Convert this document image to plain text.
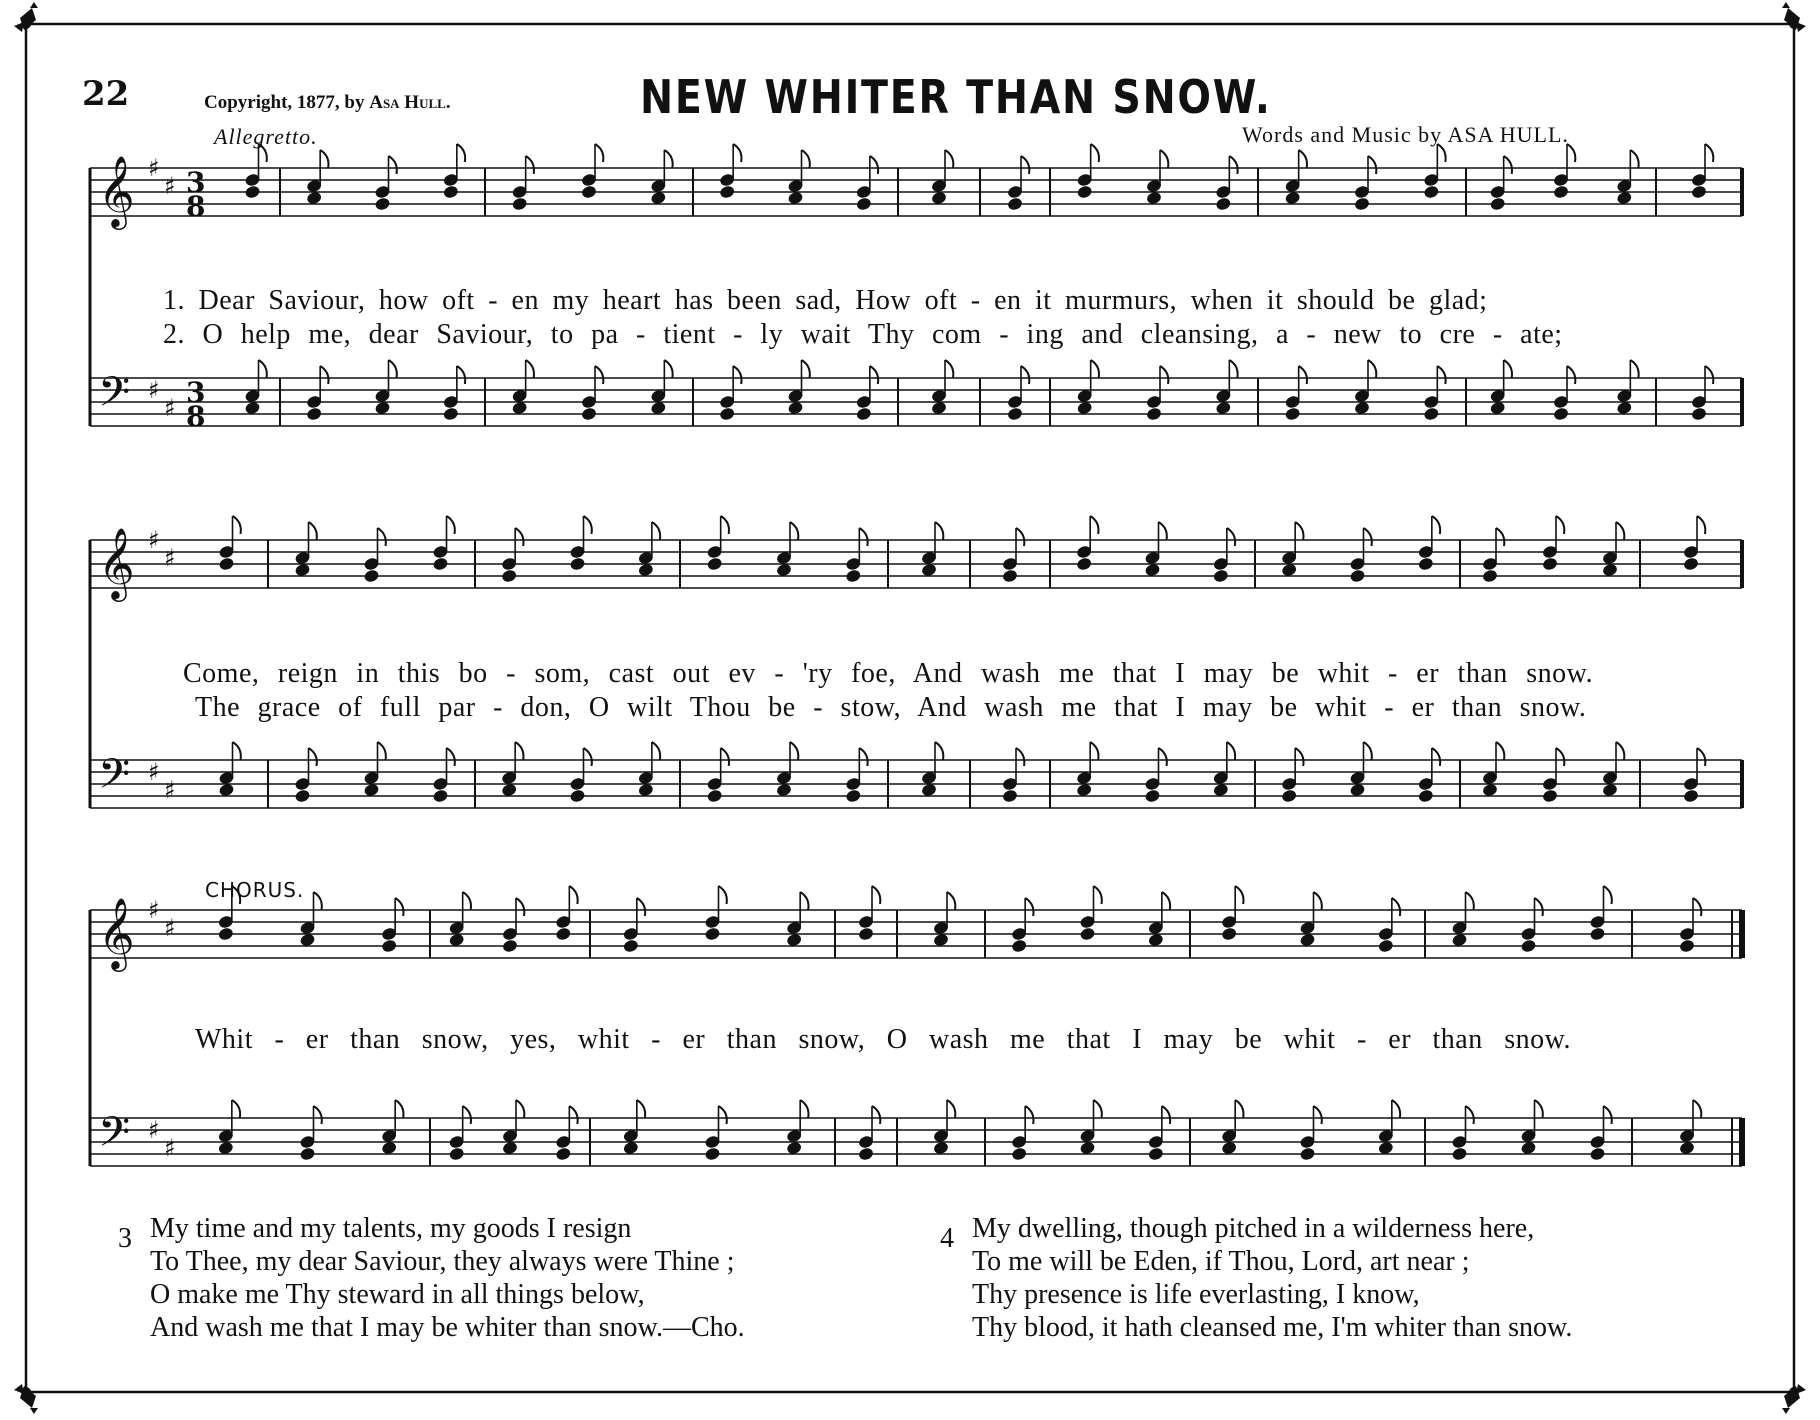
22	Copyright, 1877, by Asa Hull.	NEW WHITER THAN SNOW.
Allegretto.	Words and Music by ASA HULL.
𝄞 ♯
♯ 3
8
𝄢 ♯
♯ 3
8
𝄞 ♯
♯
𝄢 ♯
♯
𝄞 ♯
♯
𝄢 ♯
♯
1. Dear Saviour, how oft - en my heart has been sad, How oft - en it murmurs, when it should be glad;
2. O help me, dear Saviour, to pa - tient - ly wait Thy com - ing and cleansing, a - new to cre - ate;
Come, reign in this bo - som, cast out ev - 'ry foe, And wash me that I may be whit - er than snow.
The grace of full par - don, O wilt Thou be - stow, And wash me that I may be whit - er than snow.
CHORUS.
Whit - er than snow, yes, whit - er than snow, O wash me that I may be whit - er than snow.
3 My time and my talents, my goods I resign
To Thee, my dear Saviour, they always were Thine ;
O make me Thy steward in all things below,
And wash me that I may be whiter than snow.—Cho.
4 My dwelling, though pitched in a wilderness here,
To me will be Eden, if Thou, Lord, art near ;
Thy presence is life everlasting, I know,
Thy blood, it hath cleansed me, I'm whiter than snow.
